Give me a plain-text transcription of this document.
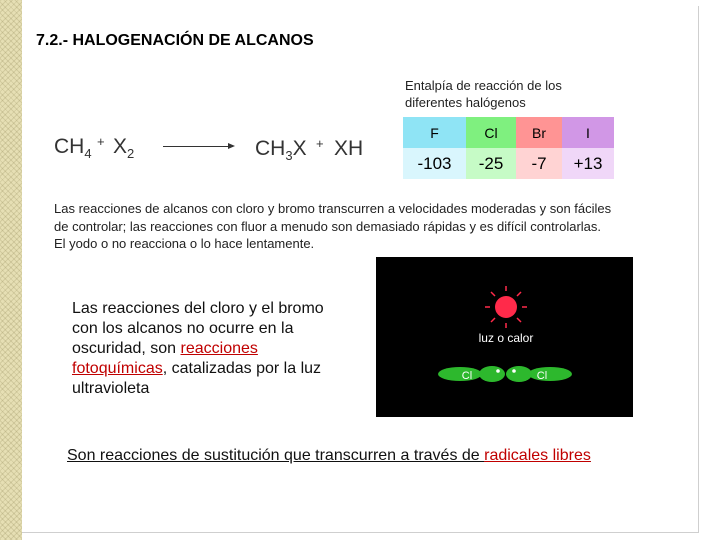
7.2.- HALOGENACIÓN DE ALCANOS
Entalpía de reacción de los diferentes halógenos
F	Cl	Br	I
-103	-25	-7	+13
$CH_4$
+ $X_2$	$CH_3X$ + XH
Las reacciones de alcanos con cloro y bromo transcurren a velocidades moderadas y son fáciles de controlar; las reacciones con fluor a menudo son demasiado rápidas y es difícil controlarlas. El yodo o no reacciona o lo hace lentamente.
luz o calor
Cl	Cl
Las reacciones del cloro y el bromo con los alcanos no ocurre en la oscuridad, son reacciones fotoquímicas, catalizadas por la luz ultravioleta
Son reacciones de sustitución que transcurren a través de radicales libres
